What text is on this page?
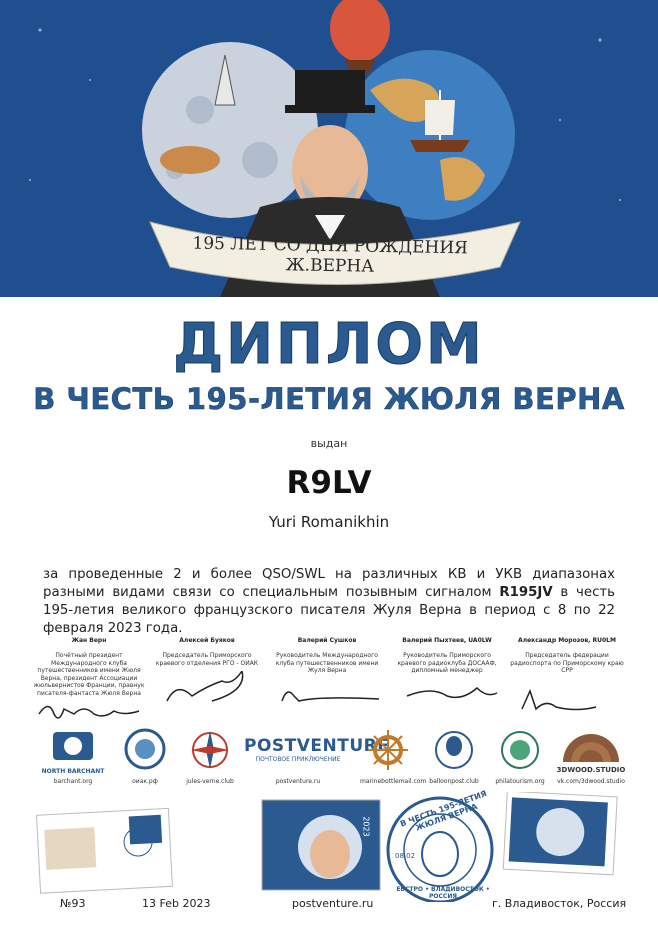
195 ЛЕТ СО ДНЯ РОЖДЕНИЯ Ж.ВЕРНА
ДИПЛОМ
В ЧЕСТЬ 195-ЛЕТИЯ ЖЮЛЯ ВЕРНА
выдан
R9LV
Yuri Romanikhin
за проведенные 2 и более QSO/SWL на различных КВ и УКВ диапазонах разными видами связи со специальным позывным сигналом R195JV в честь 195-летия великого французского писателя Жуля Верна в период с 8 по 22 февраля 2023 года.
Жан Верн
Почётный президент Международного клуба путешественников имени Жюля Верна, президент Ассоциации жюльвернистов Франции, правнук писателя-фантаста Жюля Верна
Алексей Буяков
Председатель Приморского краевого отделения РГО - ОИАК
Валерий Сушков
Руководитель Международного клуба путешественников имени Жуля Верна
Валерий Пыхтеев, UA0LW
Руководитель Приморского краевого радиоклуба ДОСААФ, дипломный менеджер
Александр Морозов, RU0LM
Председатель федерации радиоспорта по Приморскому краю СРР
NORTH BARCHANT
barchant.org	оиак.рф	jules-verne.club
POSTVENTURE
ПОЧТОВОЕ ПРИКЛЮЧЕНИЕ
postventure.ru	marinebottlemail.com balloonpost.club	philatourism.org
3DWOOD.STUDIO
vk.com/3dwood.studio
POSTVENTURE.ru	2023	В ЧЕСТЬ 195-ЛЕТИЯ ЖЮЛЯ ВЕРНА
08.02
ЕВСТРО • ВЛАДИВОСТОК • РОССИЯ
№93	13 Feb 2023	postventure.ru	г. Владивосток, Россия
